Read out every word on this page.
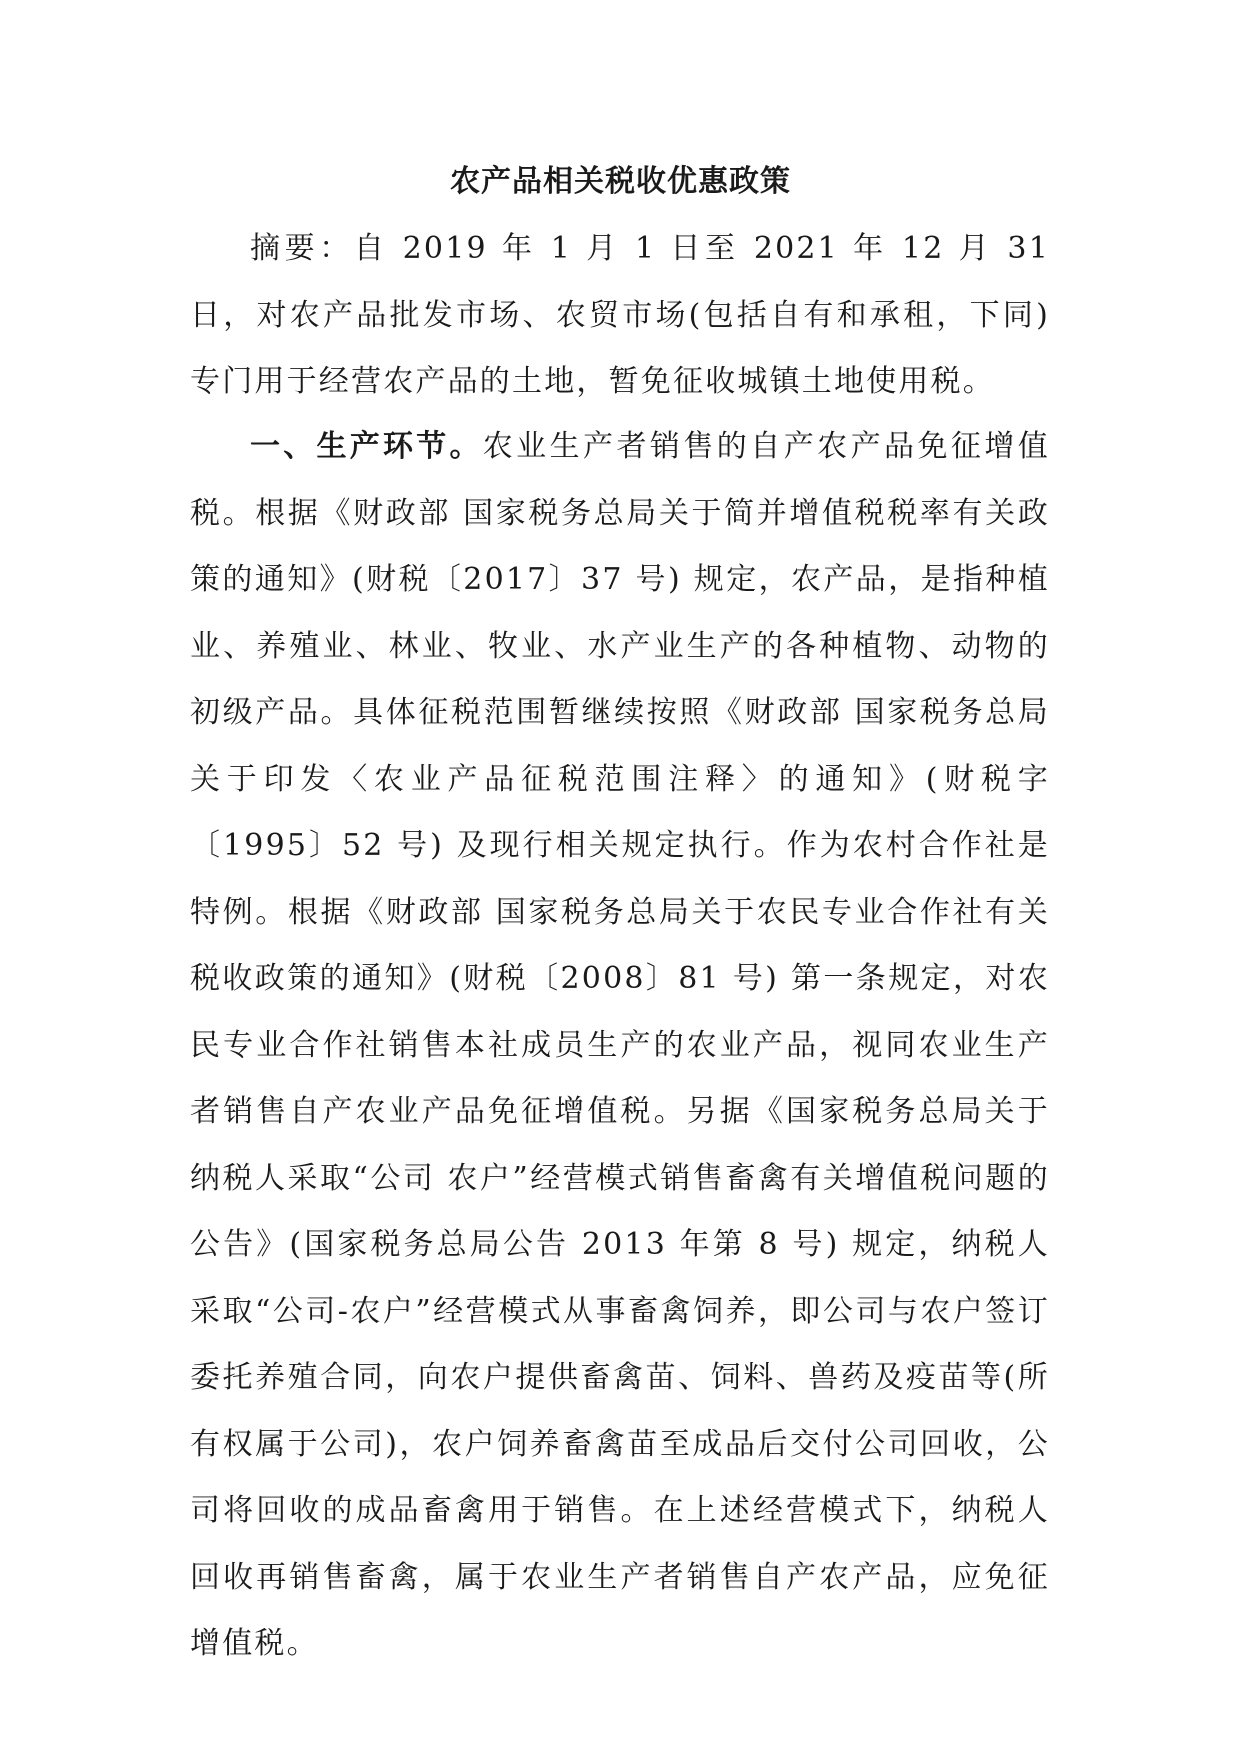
农产品相关税收优惠政策

摘要：自 2019 年 1 月 1 日至 2021 年 12 月 31 日，对农产品批发市场、农贸市场(包括自有和承租，下同) 专门用于经营农产品的土地，暂免征收城镇土地使用税。

一、生产环节。农业生产者销售的自产农产品免征增值税。根据《财政部 国家税务总局关于简并增值税税率有关政策的通知》(财税〔2017〕37 号) 规定，农产品，是指种植业、养殖业、林业、牧业、水产业生产的各种植物、动物的初级产品。具体征税范围暂继续按照《财政部 国家税务总局关于印发〈农业产品征税范围注释〉的通知》(财税字〔1995〕52 号) 及现行相关规定执行。作为农村合作社是特例。根据《财政部 国家税务总局关于农民专业合作社有关税收政策的通知》(财税〔2008〕81 号) 第一条规定，对农民专业合作社销售本社成员生产的农业产品，视同农业生产者销售自产农业产品免征增值税。另据《国家税务总局关于纳税人采取“公司 农户”经营模式销售畜禽有关增值税问题的公告》(国家税务总局公告 2013 年第 8 号) 规定，纳税人采取“公司-农户”经营模式从事畜禽饲养，即公司与农户签订委托养殖合同，向农户提供畜禽苗、饲料、兽药及疫苗等(所有权属于公司)，农户饲养畜禽苗至成品后交付公司回收，公司将回收的成品畜禽用于销售。在上述经营模式下，纳税人回收再销售畜禽，属于农业生产者销售自产农产品，应免征增值税。
